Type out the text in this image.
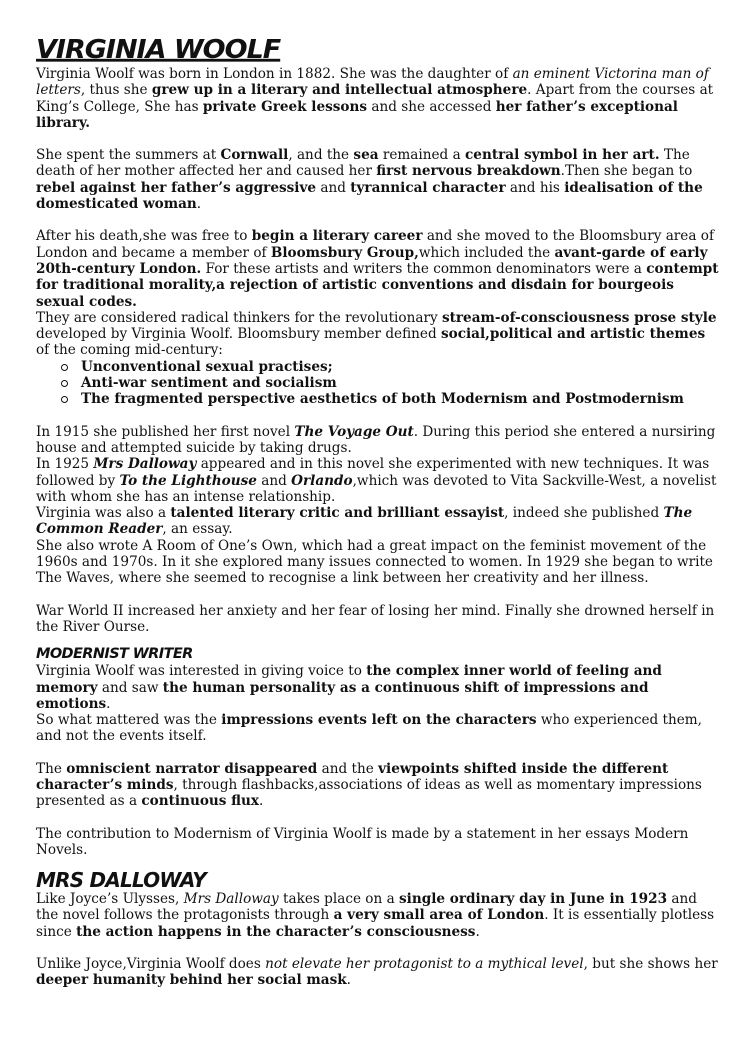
VIRGINIA WOOLF

Virginia Woolf was born in London in 1882. She was the daughter of an eminent Victorina man of letters, thus she grew up in a literary and intellectual atmosphere. Apart from the courses at King’s College, She has private Greek lessons and she accessed her father’s exceptional library.

She spent the summers at Cornwall, and the sea remained a central symbol in her art. The death of her mother affected her and caused her first nervous breakdown.Then she began to rebel against her father’s aggressive and tyrannical character and his idealisation of the domesticated woman.

After his death,she was free to begin a literary career and she moved to the Bloomsbury area of London and became a member of Bloomsbury Group,which included the avant-garde of early 20th-century London. For these artists and writers the common denominators were a contempt for traditional morality,a rejection of artistic conventions and disdain for bourgeois sexual codes.

They are considered radical thinkers for the revolutionary stream-of-consciousness prose style developed by Virginia Woolf. Bloomsbury member defined social,political and artistic themes of the coming mid-century:

Unconventional sexual practises;
Anti-war sentiment and socialism
The fragmented perspective aesthetics of both Modernism and Postmodernism

In 1915 she published her first novel The Voyage Out. During this period she entered a nursiring house and attempted suicide by taking drugs.

In 1925 Mrs Dalloway appeared and in this novel she experimented with new techniques. It was followed by To the Lighthouse and Orlando,which was devoted to Vita Sackville-West, a novelist with whom she has an intense relationship.

Virginia was also a talented literary critic and brilliant essayist, indeed she published The Common Reader, an essay.

She also wrote A Room of One’s Own, which had a great impact on the feminist movement of the 1960s and 1970s. In it she explored many issues connected to women. In 1929 she began to write The Waves, where she seemed to recognise a link between her creativity and her illness.

War World II increased her anxiety and her fear of losing her mind. Finally she drowned herself in the River Ourse.

MODERNIST WRITER

Virginia Woolf was interested in giving voice to the complex inner world of feeling and memory and saw the human personality as a continuous shift of impressions and emotions.

So what mattered was the impressions events left on the characters who experienced them, and not the events itself.

The omniscient narrator disappeared and the viewpoints shifted inside the different character’s minds, through flashbacks,associations of ideas as well as momentary impressions presented as a continuous flux.

The contribution to Modernism of Virginia Woolf is made by a statement in her essays Modern Novels.

MRS DALLOWAY

Like Joyce’s Ulysses, Mrs Dalloway takes place on a single ordinary day in June in 1923 and the novel follows the protagonists through a very small area of London. It is essentially plotless since the action happens in the character’s consciousness.

Unlike Joyce,Virginia Woolf does not elevate her protagonist to a mythical level, but she shows her deeper humanity behind her social mask.
